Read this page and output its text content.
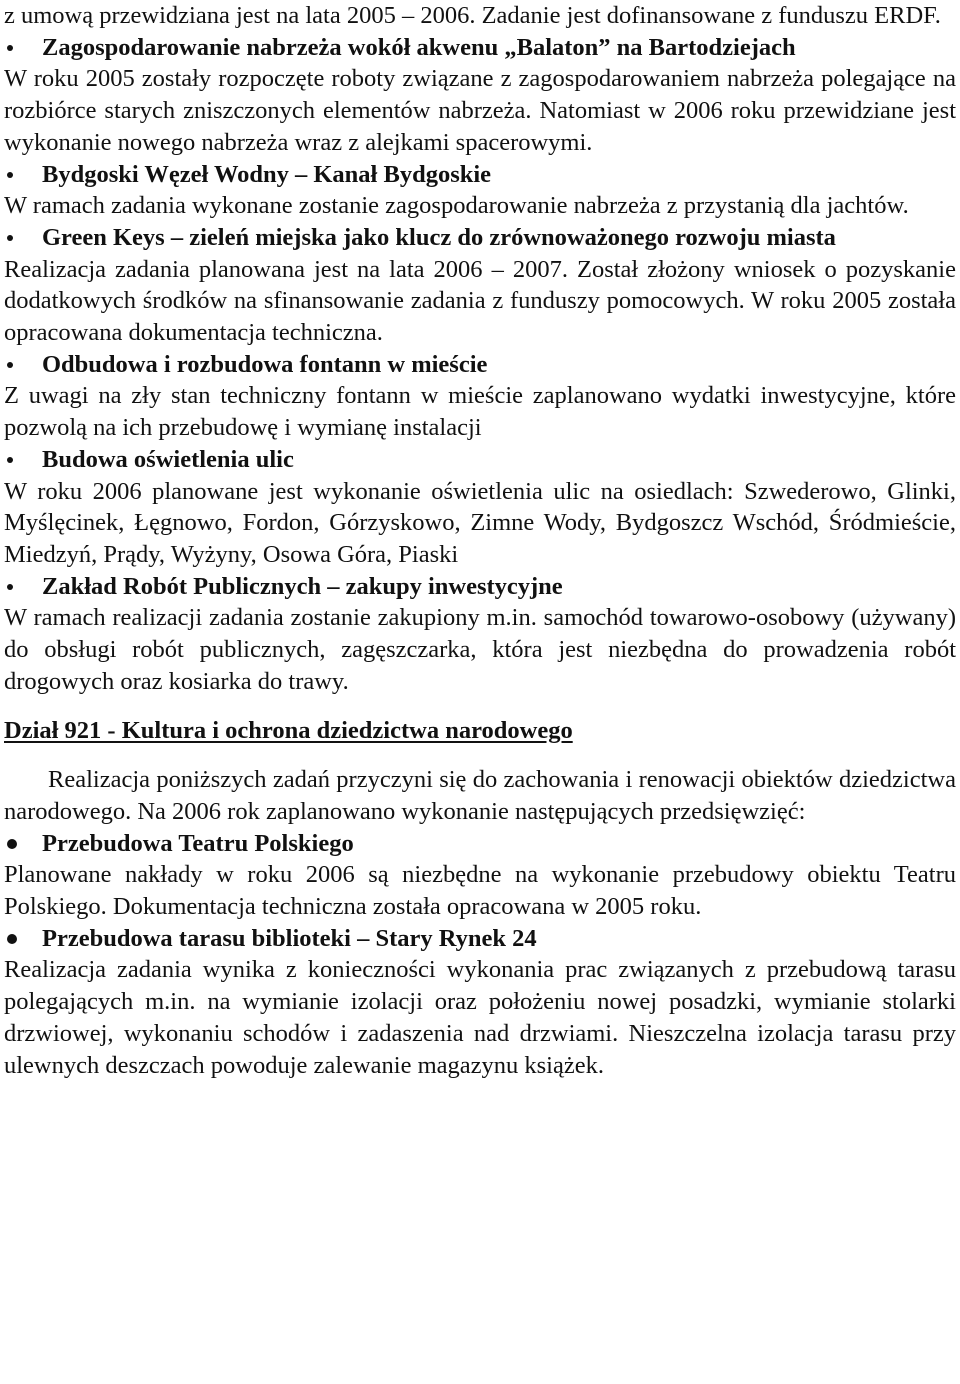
z umową przewidziana jest na lata 2005 – 2006. Zadanie jest dofinansowane z funduszu ERDF.

Zagospodarowanie nabrzeża wokół akwenu „Balaton” na Bartodziejach

W roku 2005 zostały rozpoczęte roboty związane z zagospodarowaniem nabrzeża polegające na rozbiórce starych zniszczonych elementów nabrzeża. Natomiast w 2006 roku przewidziane jest wykonanie nowego nabrzeża wraz z alejkami spacerowymi.

Bydgoski Węzeł Wodny – Kanał Bydgoskie

W ramach zadania wykonane zostanie zagospodarowanie nabrzeża z przystanią dla jachtów.

Green Keys – zieleń miejska jako klucz do zrównoważonego rozwoju miasta

Realizacja zadania planowana jest na lata 2006 – 2007. Został złożony wniosek o pozyskanie dodatkowych środków na sfinansowanie zadania z funduszy pomocowych. W roku 2005 została opracowana dokumentacja techniczna.

Odbudowa i rozbudowa fontann w mieście

Z uwagi na zły stan techniczny fontann w mieście zaplanowano wydatki inwestycyjne, które pozwolą na ich przebudowę i wymianę instalacji

Budowa oświetlenia ulic

W roku 2006 planowane jest wykonanie oświetlenia ulic na osiedlach: Szwederowo, Glinki, Myślęcinek, Łęgnowo, Fordon, Górzyskowo, Zimne Wody, Bydgoszcz Wschód, Śródmieście, Miedzyń, Prądy, Wyżyny, Osowa Góra, Piaski

Zakład Robót Publicznych – zakupy inwestycyjne

W ramach realizacji zadania zostanie zakupiony m.in. samochód towarowo-osobowy (używany) do obsługi robót publicznych, zagęszczarka, która jest niezbędna do prowadzenia robót drogowych oraz kosiarka do trawy.

Dział 921 - Kultura i ochrona dziedzictwa narodowego

Realizacja poniższych zadań przyczyni się do zachowania i renowacji obiektów dziedzictwa narodowego. Na 2006 rok zaplanowano wykonanie następujących przedsięwzięć:

Przebudowa Teatru Polskiego

Planowane nakłady w roku 2006 są niezbędne na wykonanie przebudowy obiektu Teatru Polskiego. Dokumentacja techniczna została opracowana w 2005 roku.

Przebudowa tarasu biblioteki – Stary Rynek 24

Realizacja zadania wynika z konieczności wykonania prac związanych z przebudową tarasu polegających m.in. na wymianie izolacji oraz położeniu nowej posadzki, wymianie stolarki drzwiowej, wykonaniu schodów i zadaszenia nad drzwiami. Nieszczelna izolacja tarasu przy ulewnych deszczach powoduje zalewanie magazynu książek.
